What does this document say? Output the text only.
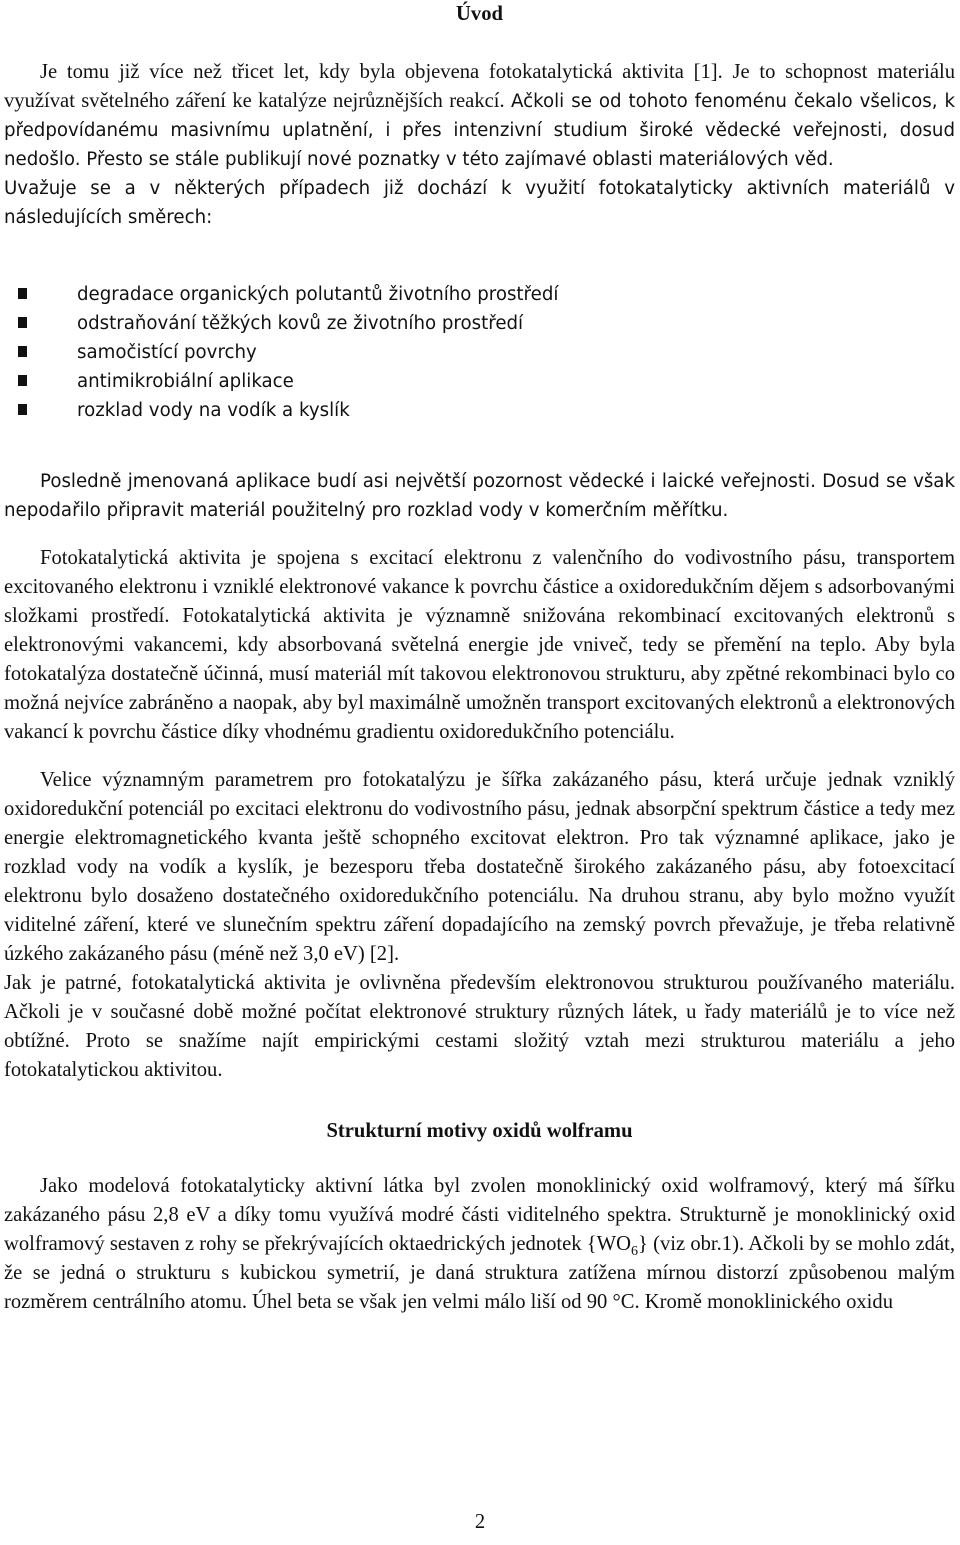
Úvod

Je tomu již více než třicet let, kdy byla objevena fotokatalytická aktivita [1]. Je to schopnost materiálu využívat světelného záření ke katalýze nejrůznějších reakcí. Ačkoli se od tohoto fenoménu čekalo všelicos, k předpovídanému masivnímu uplatnění, i přes intenzivní studium široké vědecké veřejnosti, dosud nedošlo. Přesto se stále publikují nové poznatky v této zajímavé oblasti materiálových věd.

Uvažuje se a v některých případech již dochází k využití fotokatalyticky aktivních materiálů v následujících směrech:

degradace organických polutantů životního prostředí
odstraňování těžkých kovů ze životního prostředí
samočistící povrchy
antimikrobiální aplikace
rozklad vody na vodík a kyslík

Posledně jmenovaná aplikace budí asi největší pozornost vědecké i laické veřejnosti. Dosud se však nepodařilo připravit materiál použitelný pro rozklad vody v komerčním měřítku.

Fotokatalytická aktivita je spojena s excitací elektronu z valenčního do vodivostního pásu, transportem excitovaného elektronu i vzniklé elektronové vakance k povrchu částice a oxidoredukčním dějem s adsorbovanými složkami prostředí. Fotokatalytická aktivita je významně snižována rekombinací excitovaných elektronů s elektronovými vakancemi, kdy absorbovaná světelná energie jde vniveč, tedy se přemění na teplo. Aby byla fotokatalýza dostatečně účinná, musí materiál mít takovou elektronovou strukturu, aby zpětné rekombinaci bylo co možná nejvíce zabráněno a naopak, aby byl maximálně umožněn transport excitovaných elektronů a elektronových vakancí k povrchu částice díky vhodnému gradientu oxidoredukčního potenciálu.

Velice významným parametrem pro fotokatalýzu je šířka zakázaného pásu, která určuje jednak vzniklý oxidoredukční potenciál po excitaci elektronu do vodivostního pásu, jednak absorpční spektrum částice a tedy mez energie elektromagnetického kvanta ještě schopného excitovat elektron. Pro tak významné aplikace, jako je rozklad vody na vodík a kyslík, je bezesporu třeba dostatečně širokého zakázaného pásu, aby fotoexcitací elektronu bylo dosaženo dostatečného oxidoredukčního potenciálu. Na druhou stranu, aby bylo možno využít viditelné záření, které ve slunečním spektru záření dopadajícího na zemský povrch převažuje, je třeba relativně úzkého zakázaného pásu (méně než 3,0 eV) [2].

Jak je patrné, fotokatalytická aktivita je ovlivněna především elektronovou strukturou používaného materiálu. Ačkoli je v současné době možné počítat elektronové struktury různých látek, u řady materiálů je to více než obtížné. Proto se snažíme najít empirickými cestami složitý vztah mezi strukturou materiálu a jeho fotokatalytickou aktivitou.

Strukturní motivy oxidů wolframu

Jako modelová fotokatalyticky aktivní látka byl zvolen monoklinický oxid wolframový, který má šířku zakázaného pásu 2,8 eV a díky tomu využívá modré části viditelného spektra. Strukturně je monoklinický oxid wolframový sestaven z rohy se překrývajících oktaedrických jednotek $\{WO_6\}$ (viz obr.1). Ačkoli by se mohlo zdát, že se jedná o strukturu s kubickou symetrií, je daná struktura zatížena mírnou distorzí způsobenou malým rozměrem centrálního atomu. Úhel beta se však jen velmi málo liší od 90 °C. Kromě monoklinického oxidu

2
